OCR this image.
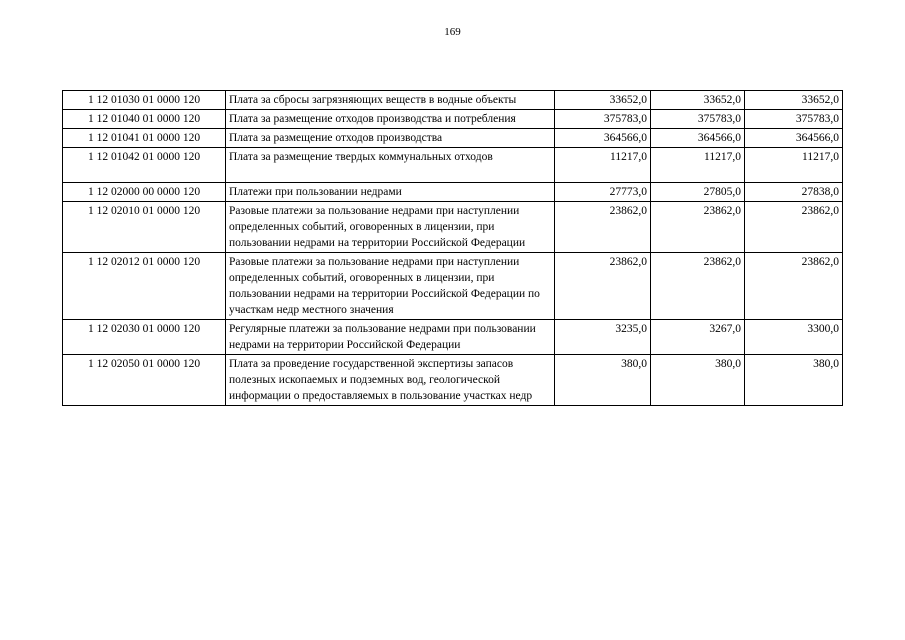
169
1 12 01030 01 0000 120	Плата за сбросы загрязняющих веществ в водные объекты	33652,0	33652,0	33652,0
1 12 01040 01 0000 120	Плата за размещение отходов производства и потребления	375783,0	375783,0	375783,0
1 12 01041 01 0000 120	Плата за размещение отходов производства	364566,0	364566,0	364566,0
1 12 01042 01 0000 120	Плата за размещение твердых коммунальных отходов	11217,0	11217,0	11217,0
1 12 02000 00 0000 120	Платежи при пользовании недрами	27773,0	27805,0	27838,0
1 12 02010 01 0000 120	Разовые платежи за пользование недрами при наступлении определенных событий, оговоренных в лицензии, при пользовании недрами на территории Российской Федерации	23862,0	23862,0	23862,0
1 12 02012 01 0000 120	Разовые платежи за пользование недрами при наступлении определенных событий, оговоренных в лицензии, при пользовании недрами на территории Российской Федерации по участкам недр местного значения	23862,0	23862,0	23862,0
1 12 02030 01 0000 120	Регулярные платежи за пользование недрами при пользовании недрами на территории Российской Федерации	3235,0	3267,0	3300,0
1 12 02050 01 0000 120	Плата за проведение государственной экспертизы запасов полезных ископаемых и подземных вод, геологической информации о предоставляемых в пользование участках недр	380,0	380,0	380,0
